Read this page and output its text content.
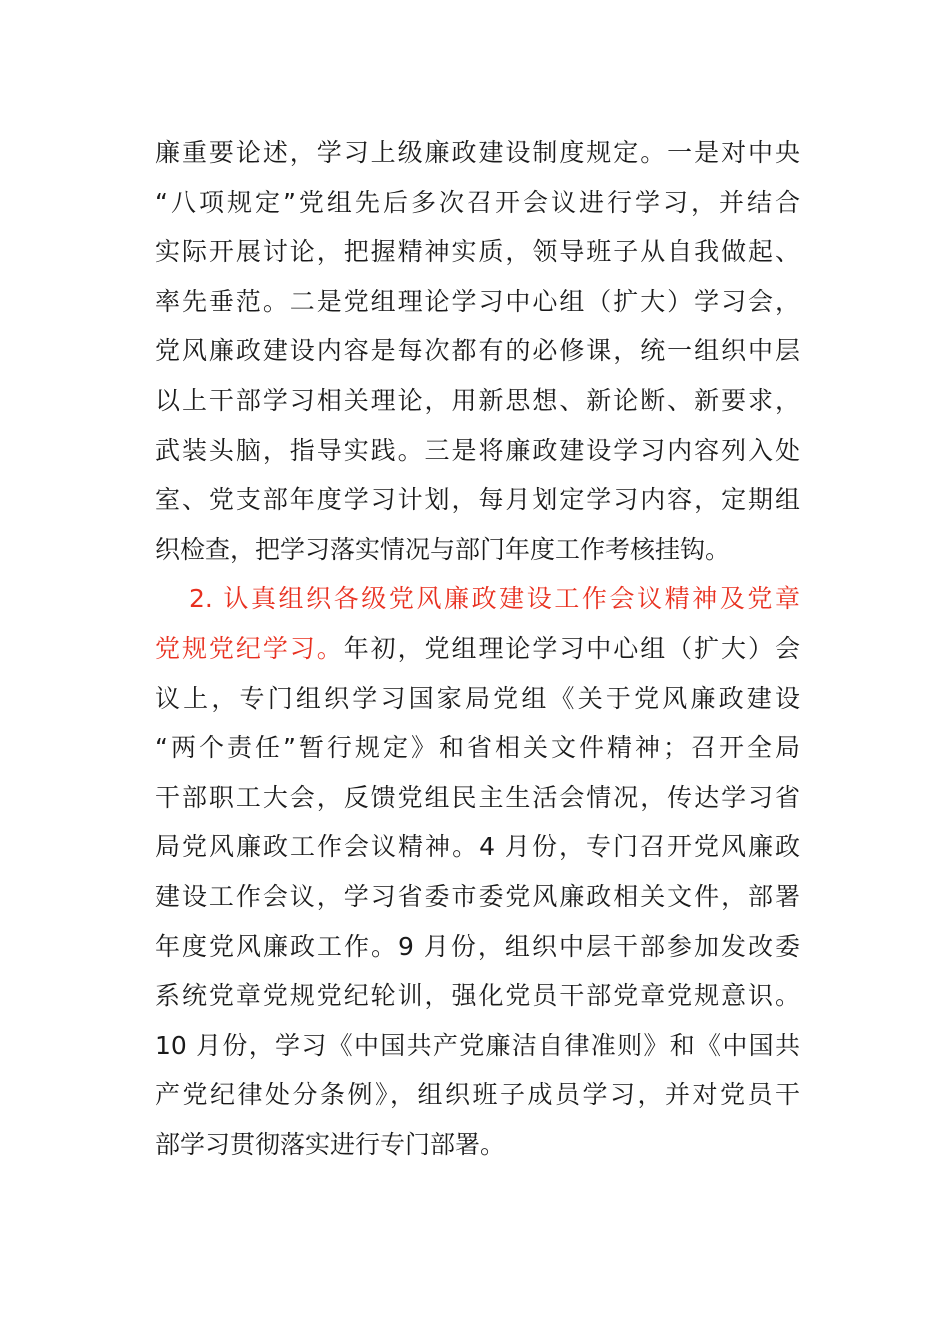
廉重要论述，学习上级廉政建设制度规定。一是对中央
“八项规定”党组先后多次召开会议进行学习，并结合
实际开展讨论，把握精神实质，领导班子从自我做起、
率先垂范。二是党组理论学习中心组（扩大）学习会，
党风廉政建设内容是每次都有的必修课，统一组织中层
以上干部学习相关理论，用新思想、新论断、新要求，
武装头脑，指导实践。三是将廉政建设学习内容列入处
室、党支部年度学习计划，每月划定学习内容，定期组
织检查，把学习落实情况与部门年度工作考核挂钩。
2. 认真组织各级党风廉政建设工作会议精神及党章
党规党纪学习。年初，党组理论学习中心组（扩大）会
议上，专门组织学习国家局党组《关于党风廉政建设
“两个责任”暂行规定》和省相关文件精神；召开全局
干部职工大会，反馈党组民主生活会情况，传达学习省
局党风廉政工作会议精神。4 月份，专门召开党风廉政
建设工作会议，学习省委市委党风廉政相关文件，部署
年度党风廉政工作。9 月份，组织中层干部参加发改委
系统党章党规党纪轮训，强化党员干部党章党规意识。
10 月份，学习《中国共产党廉洁自律准则》和《中国共
产党纪律处分条例》，组织班子成员学习，并对党员干
部学习贯彻落实进行专门部署。
